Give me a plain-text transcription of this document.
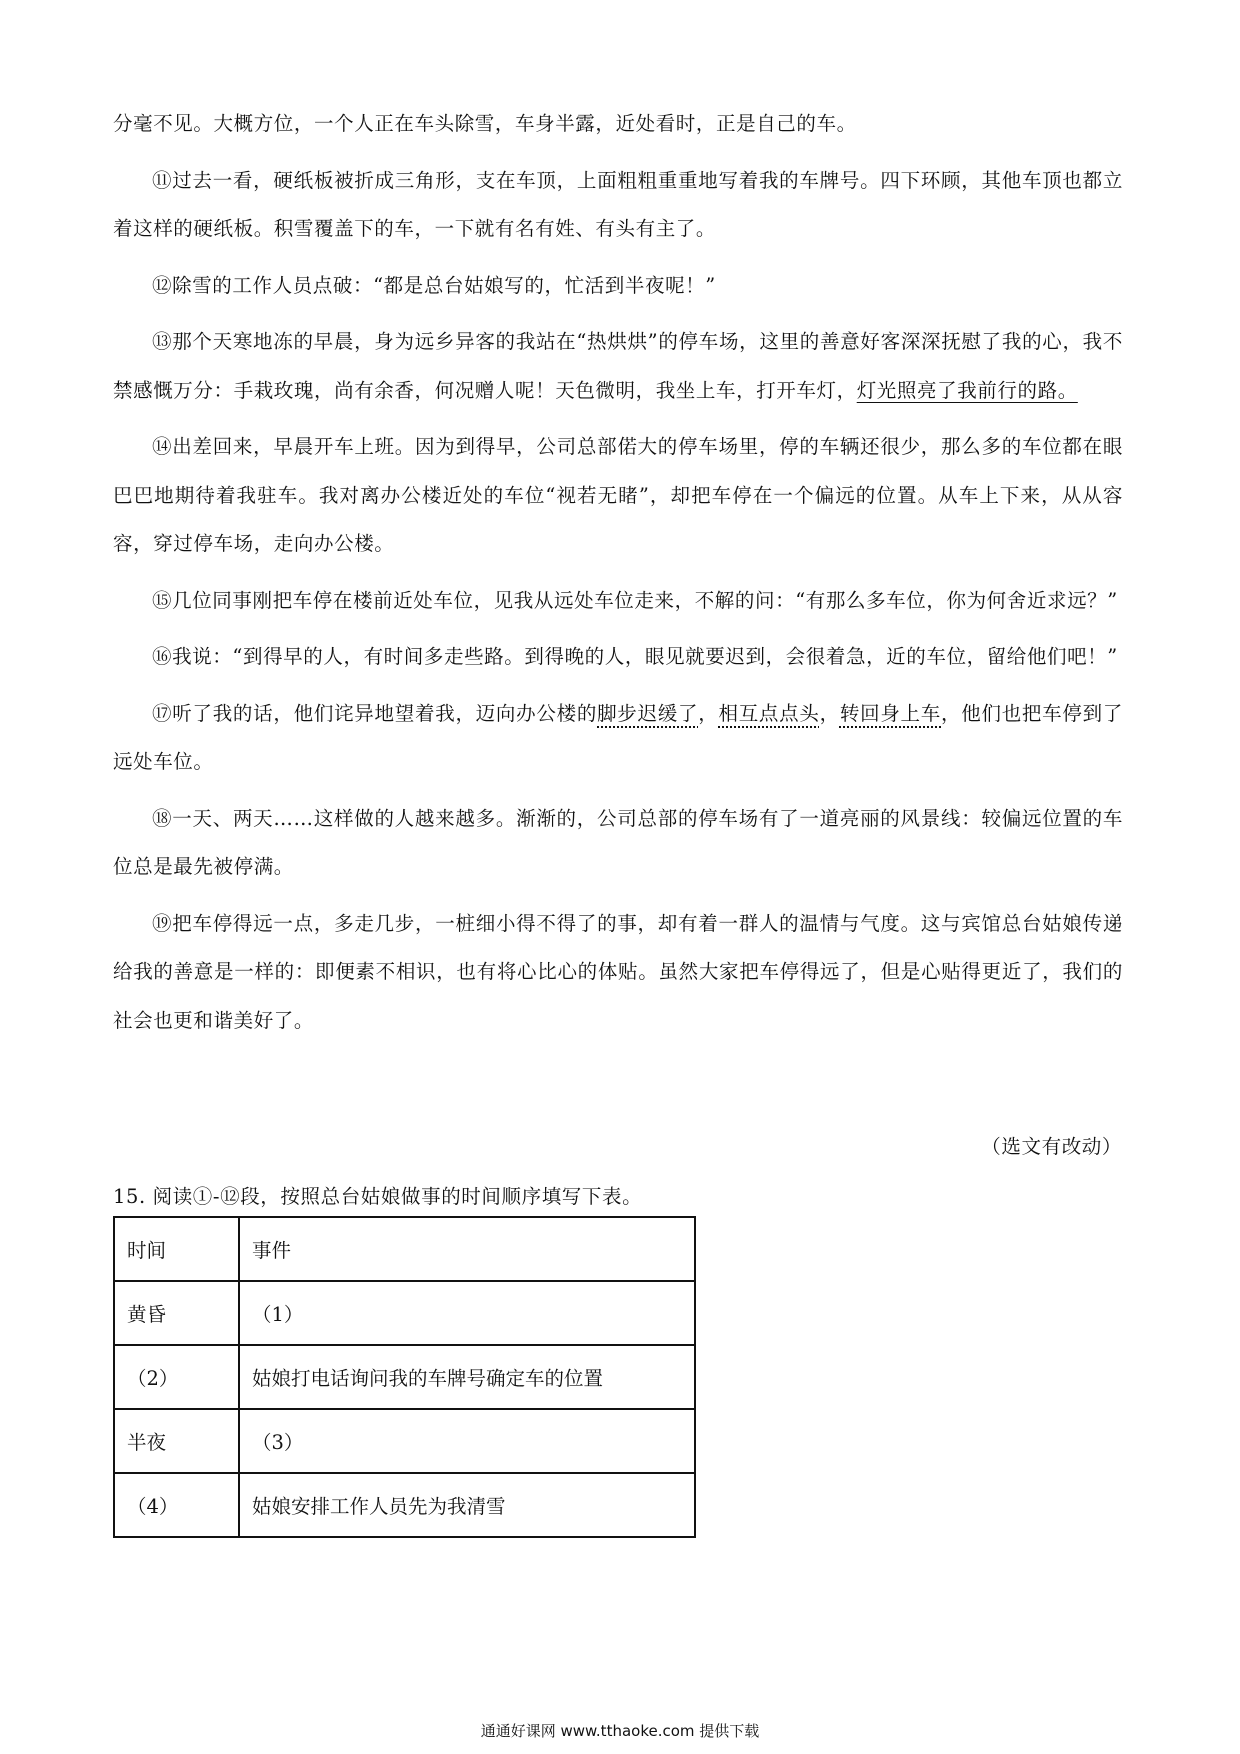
分毫不见。大概方位，一个人正在车头除雪，车身半露，近处看时，正是自己的车。

⑪过去一看，硬纸板被折成三角形，支在车顶，上面粗粗重重地写着我的车牌号。四下环顾，其他车顶也都立着这样的硬纸板。积雪覆盖下的车，一下就有名有姓、有头有主了。

⑫除雪的工作人员点破：“都是总台姑娘写的，忙活到半夜呢！”

⑬那个天寒地冻的早晨，身为远乡异客的我站在“热烘烘”的停车场，这里的善意好客深深抚慰了我的心，我不禁感慨万分：手栽玫瑰，尚有余香，何况赠人呢！天色微明，我坐上车，打开车灯，灯光照亮了我前行的路。

⑭出差回来，早晨开车上班。因为到得早，公司总部偌大的停车场里，停的车辆还很少，那么多的车位都在眼巴巴地期待着我驻车。我对离办公楼近处的车位“视若无睹”，却把车停在一个偏远的位置。从车上下来，从从容容，穿过停车场，走向办公楼。

⑮几位同事刚把车停在楼前近处车位，见我从远处车位走来，不解的问：“有那么多车位，你为何舍近求远？”

⑯我说：“到得早的人，有时间多走些路。到得晚的人，眼见就要迟到，会很着急，近的车位，留给他们吧！”

⑰听了我的话，他们诧异地望着我，迈向办公楼的脚步迟缓了，相互点点头，转回身上车，他们也把车停到了远处车位。

⑱一天、两天……这样做的人越来越多。渐渐的，公司总部的停车场有了一道亮丽的风景线：较偏远位置的车位总是最先被停满。

⑲把车停得远一点，多走几步，一桩细小得不得了的事，却有着一群人的温情与气度。这与宾馆总台姑娘传递给我的善意是一样的：即便素不相识，也有将心比心的体贴。虽然大家把车停得远了，但是心贴得更近了，我们的社会也更和谐美好了。

（选文有改动）
15. 阅读①-⑫段，按照总台姑娘做事的时间顺序填写下表。
时间	事件
黄昏	（1）
（2）	姑娘打电话询问我的车牌号确定车的位置
半夜	（3）
（4）	姑娘安排工作人员先为我清雪
通通好课网 www.tthaoke.com 提供下载
